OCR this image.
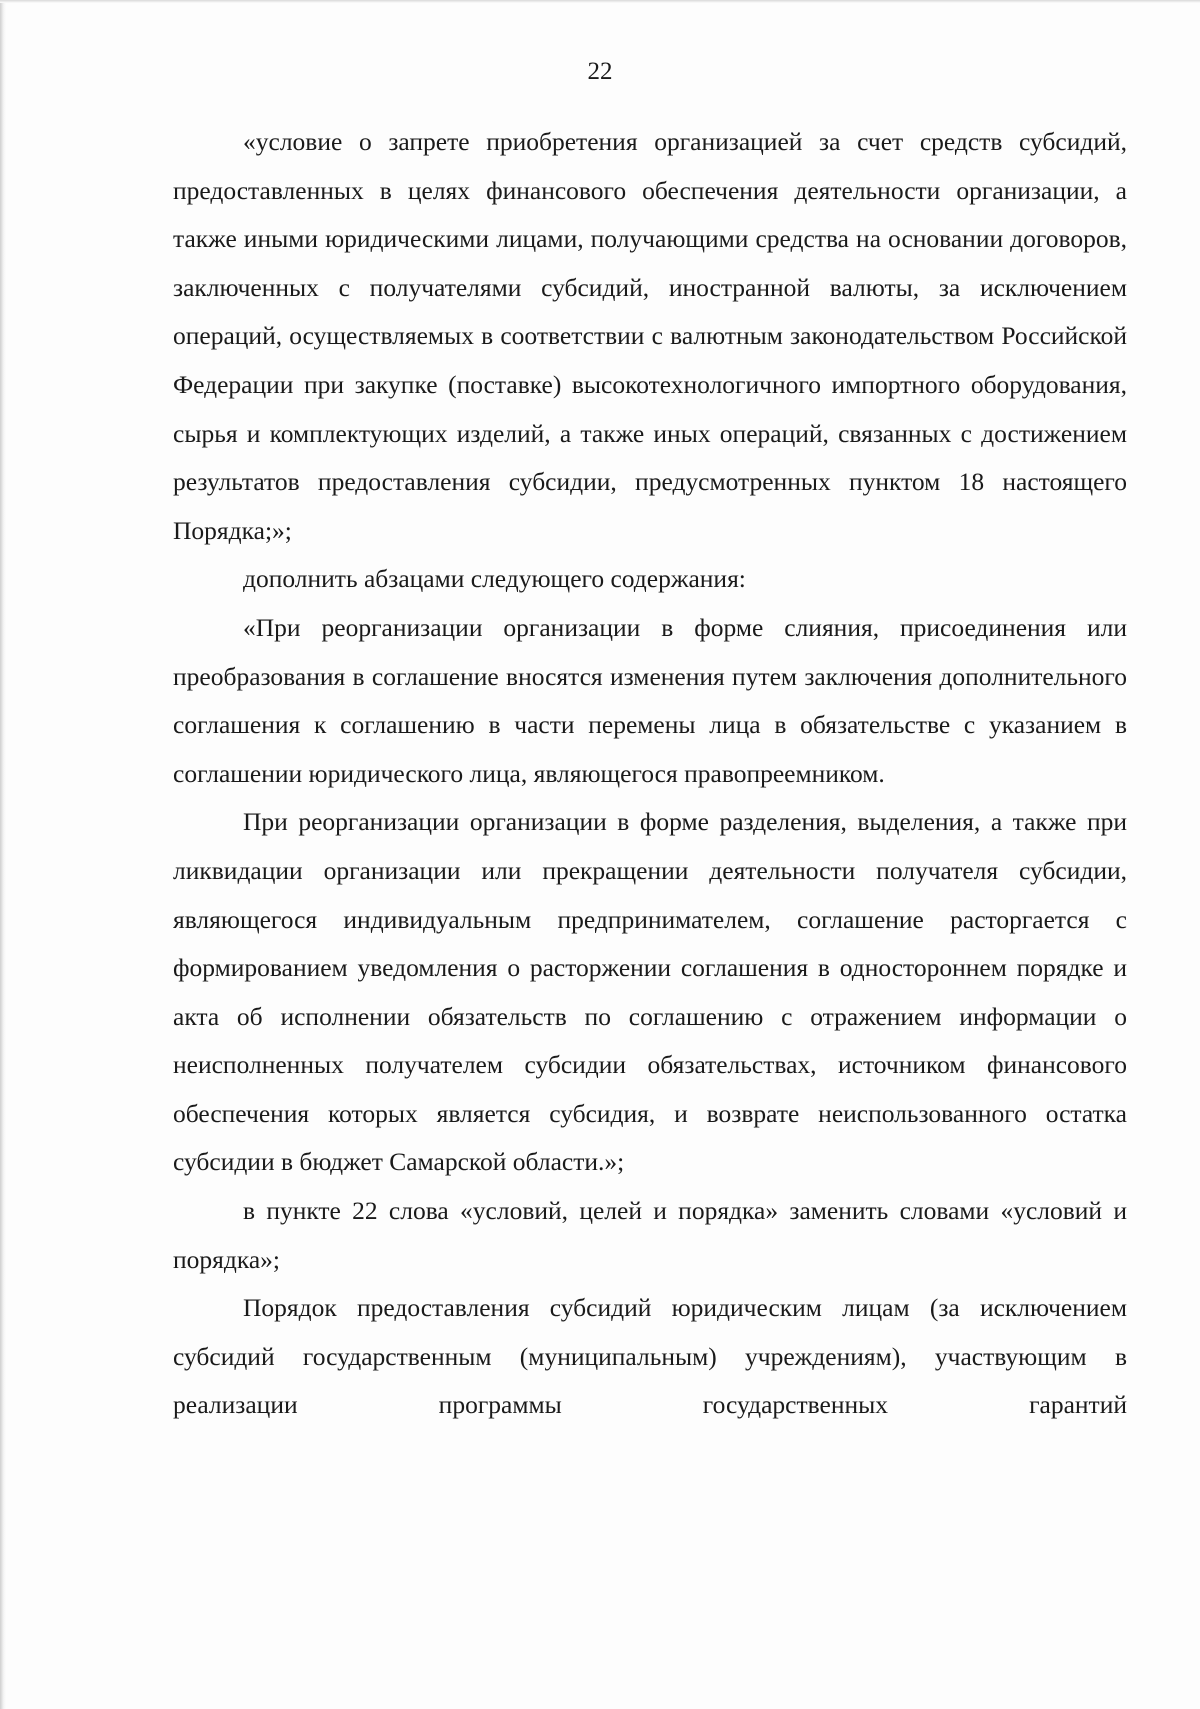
22

«условие о запрете приобретения организацией за счет средств субсидий, предоставленных в целях финансового обеспечения деятельности организации, а также иными юридическими лицами, получающими средства на основании договоров, заключенных с получателями субсидий, иностранной валюты, за исключением операций, осуществляемых в соответствии с валютным законодательством Российской Федерации при закупке (поставке) высокотехнологичного импортного оборудования, сырья и комплектующих изделий, а также иных операций, связанных с достижением результатов предоставления субсидии, предусмотренных пунктом 18 настоящего Порядка;»;

дополнить абзацами следующего содержания:

«При реорганизации организации в форме слияния, присоединения или преобразования в соглашение вносятся изменения путем заключения дополнительного соглашения к соглашению в части перемены лица в обязательстве с указанием в соглашении юридического лица, являющегося правопреемником.

При реорганизации организации в форме разделения, выделения, а также при ликвидации организации или прекращении деятельности получателя субсидии, являющегося индивидуальным предпринимателем, соглашение расторгается с формированием уведомления о расторжении соглашения в одностороннем порядке и акта об исполнении обязательств по соглашению с отражением информации о неисполненных получателем субсидии обязательствах, источником финансового обеспечения которых является субсидия, и возврате неиспользованного остатка субсидии в бюджет Самарской области.»;

в пункте 22 слова «условий, целей и порядка» заменить словами «условий и порядка»;

Порядок предоставления субсидий юридическим лицам (за исключением субсидий государственным (муниципальным) учреждениям), участвующим в реализации программы государственных гарантий
